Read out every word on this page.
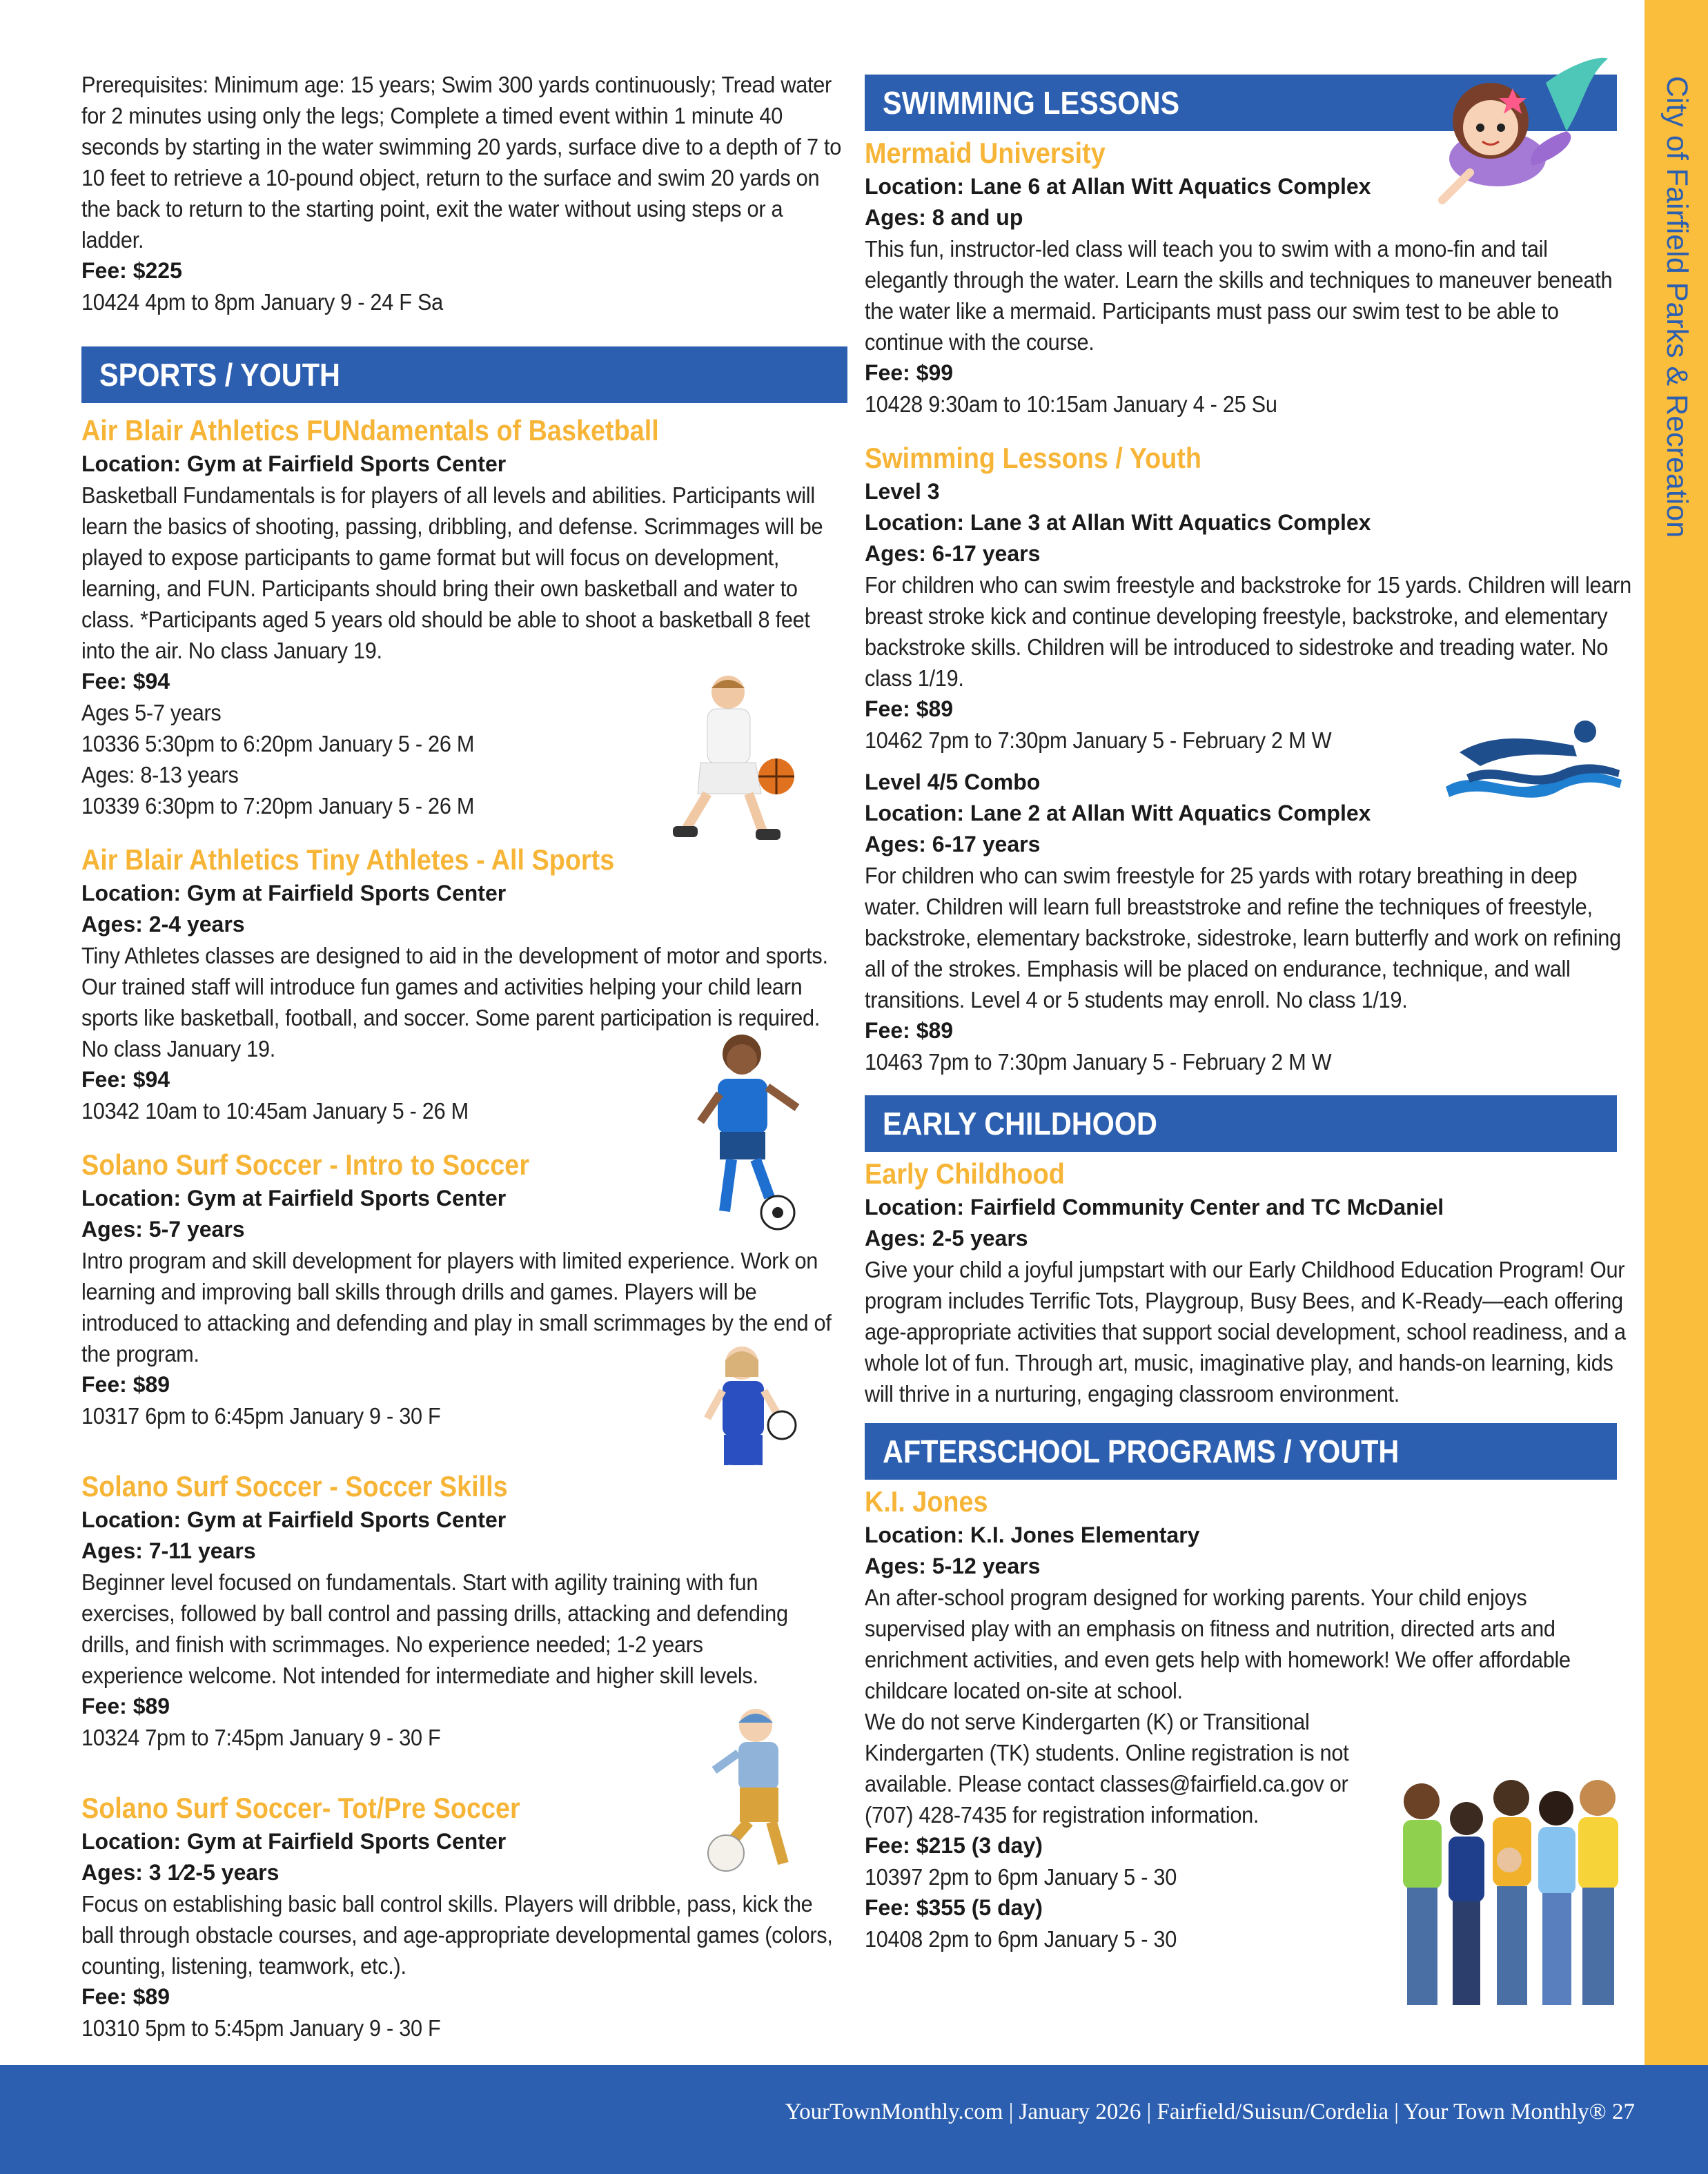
City of Fairfield Parks & Recreation
Prerequisites: Minimum age: 15 years; Swim 300 yards continuously; Tread water for 2 minutes using only the legs; Complete a timed event within 1 minute 40 seconds by starting in the water swimming 20 yards, surface dive to a depth of 7 to 10 feet to retrieve a 10-pound object, return to the surface and swim 20 yards on the back to return to the starting point, exit the water without using steps or a ladder.
Fee: $225
10424 4pm to 8pm January 9 - 24 F Sa
SPORTS / YOUTH
Air Blair Athletics FUNdamentals of Basketball
Location: Gym at Fairfield Sports Center
Basketball Fundamentals is for players of all levels and abilities. Participants will learn the basics of shooting, passing, dribbling, and defense. Scrimmages will be played to expose participants to game format but will focus on development, learning, and FUN. Participants should bring their own basketball and water to class. *Participants aged 5 years old should be able to shoot a basketball 8 feet into the air. No class January 19.
Fee: $94
Ages 5-7 years
10336 5:30pm to 6:20pm January 5 - 26 M
Ages: 8-13 years
10339 6:30pm to 7:20pm January 5 - 26 M
Air Blair Athletics Tiny Athletes - All Sports
Location: Gym at Fairfield Sports Center
Ages: 2-4 years
Tiny Athletes classes are designed to aid in the development of motor and sports. Our trained staff will introduce fun games and activities helping your child learn sports like basketball, football, and soccer. Some parent participation is required. No class January 19.
Fee: $94
10342 10am to 10:45am January 5 - 26 M
Solano Surf Soccer - Intro to Soccer
Location: Gym at Fairfield Sports Center
Ages: 5-7 years
Intro program and skill development for players with limited experience. Work on learning and improving ball skills through drills and games. Players will be introduced to attacking and defending and play in small scrimmages by the end of the program.
Fee: $89
10317 6pm to 6:45pm January 9 - 30 F
Solano Surf Soccer - Soccer Skills
Location: Gym at Fairfield Sports Center
Ages: 7-11 years
Beginner level focused on fundamentals. Start with agility training with fun exercises, followed by ball control and passing drills, attacking and defending drills, and finish with scrimmages. No experience needed; 1-2 years experience welcome. Not intended for intermediate and higher skill levels.
Fee: $89
10324 7pm to 7:45pm January 9 - 30 F
Solano Surf Soccer- Tot/Pre Soccer
Location: Gym at Fairfield Sports Center
Ages: 3 1⁄2-5 years
Focus on establishing basic ball control skills. Players will dribble, pass, kick the ball through obstacle courses, and age-appropriate developmental games (colors, counting, listening, teamwork, etc.).
Fee: $89
10310 5pm to 5:45pm January 9 - 30 F
SWIMMING LESSONS
Mermaid University
Location: Lane 6 at Allan Witt Aquatics Complex
Ages: 8 and up
This fun, instructor-led class will teach you to swim with a mono-fin and tail elegantly through the water. Learn the skills and techniques to maneuver beneath the water like a mermaid. Participants must pass our swim test to be able to continue with the course.
Fee: $99
10428 9:30am to 10:15am January 4 - 25 Su
Swimming Lessons / Youth
Level 3
Location: Lane 3 at Allan Witt Aquatics Complex
Ages: 6-17 years
For children who can swim freestyle and backstroke for 15 yards. Children will learn breast stroke kick and continue developing freestyle, backstroke, and elementary backstroke skills. Children will be introduced to sidestroke and treading water. No class 1/19.
Fee: $89
10462 7pm to 7:30pm January 5 - February 2 M W
Level 4/5 Combo
Location: Lane 2 at Allan Witt Aquatics Complex
Ages: 6-17 years
For children who can swim freestyle for 25 yards with rotary breathing in deep water. Children will learn full breaststroke and refine the techniques of freestyle, backstroke, elementary backstroke, sidestroke, learn butterfly and work on refining all of the strokes. Emphasis will be placed on endurance, technique, and wall transitions. Level 4 or 5 students may enroll. No class 1/19.
Fee: $89
10463 7pm to 7:30pm January 5 - February 2 M W
EARLY CHILDHOOD
Early Childhood
Location: Fairfield Community Center and TC McDaniel
Ages: 2-5 years
Give your child a joyful jumpstart with our Early Childhood Education Program! Our program includes Terrific Tots, Playgroup, Busy Bees, and K-Ready—each offering age-appropriate activities that support social development, school readiness, and a whole lot of fun. Through art, music, imaginative play, and hands-on learning, kids will thrive in a nurturing, engaging classroom environment.
AFTERSCHOOL PROGRAMS / YOUTH
K.I. Jones
Location: K.I. Jones Elementary
Ages: 5-12 years
An after-school program designed for working parents. Your child enjoys supervised play with an emphasis on fitness and nutrition, directed arts and enrichment activities, and even gets help with homework! We offer affordable childcare located on-site at school.
We do not serve Kindergarten (K) or Transitional Kindergarten (TK) students. Online registration is not available. Please contact classes@fairfield.ca.gov or (707) 428-7435 for registration information.
Fee: $215 (3 day)
10397 2pm to 6pm January 5 - 30
Fee: $355 (5 day)
10408 2pm to 6pm January 5 - 30
YourTownMonthly.com | January 2026 | Fairfield/Suisun/Cordelia | Your Town Monthly® 27
